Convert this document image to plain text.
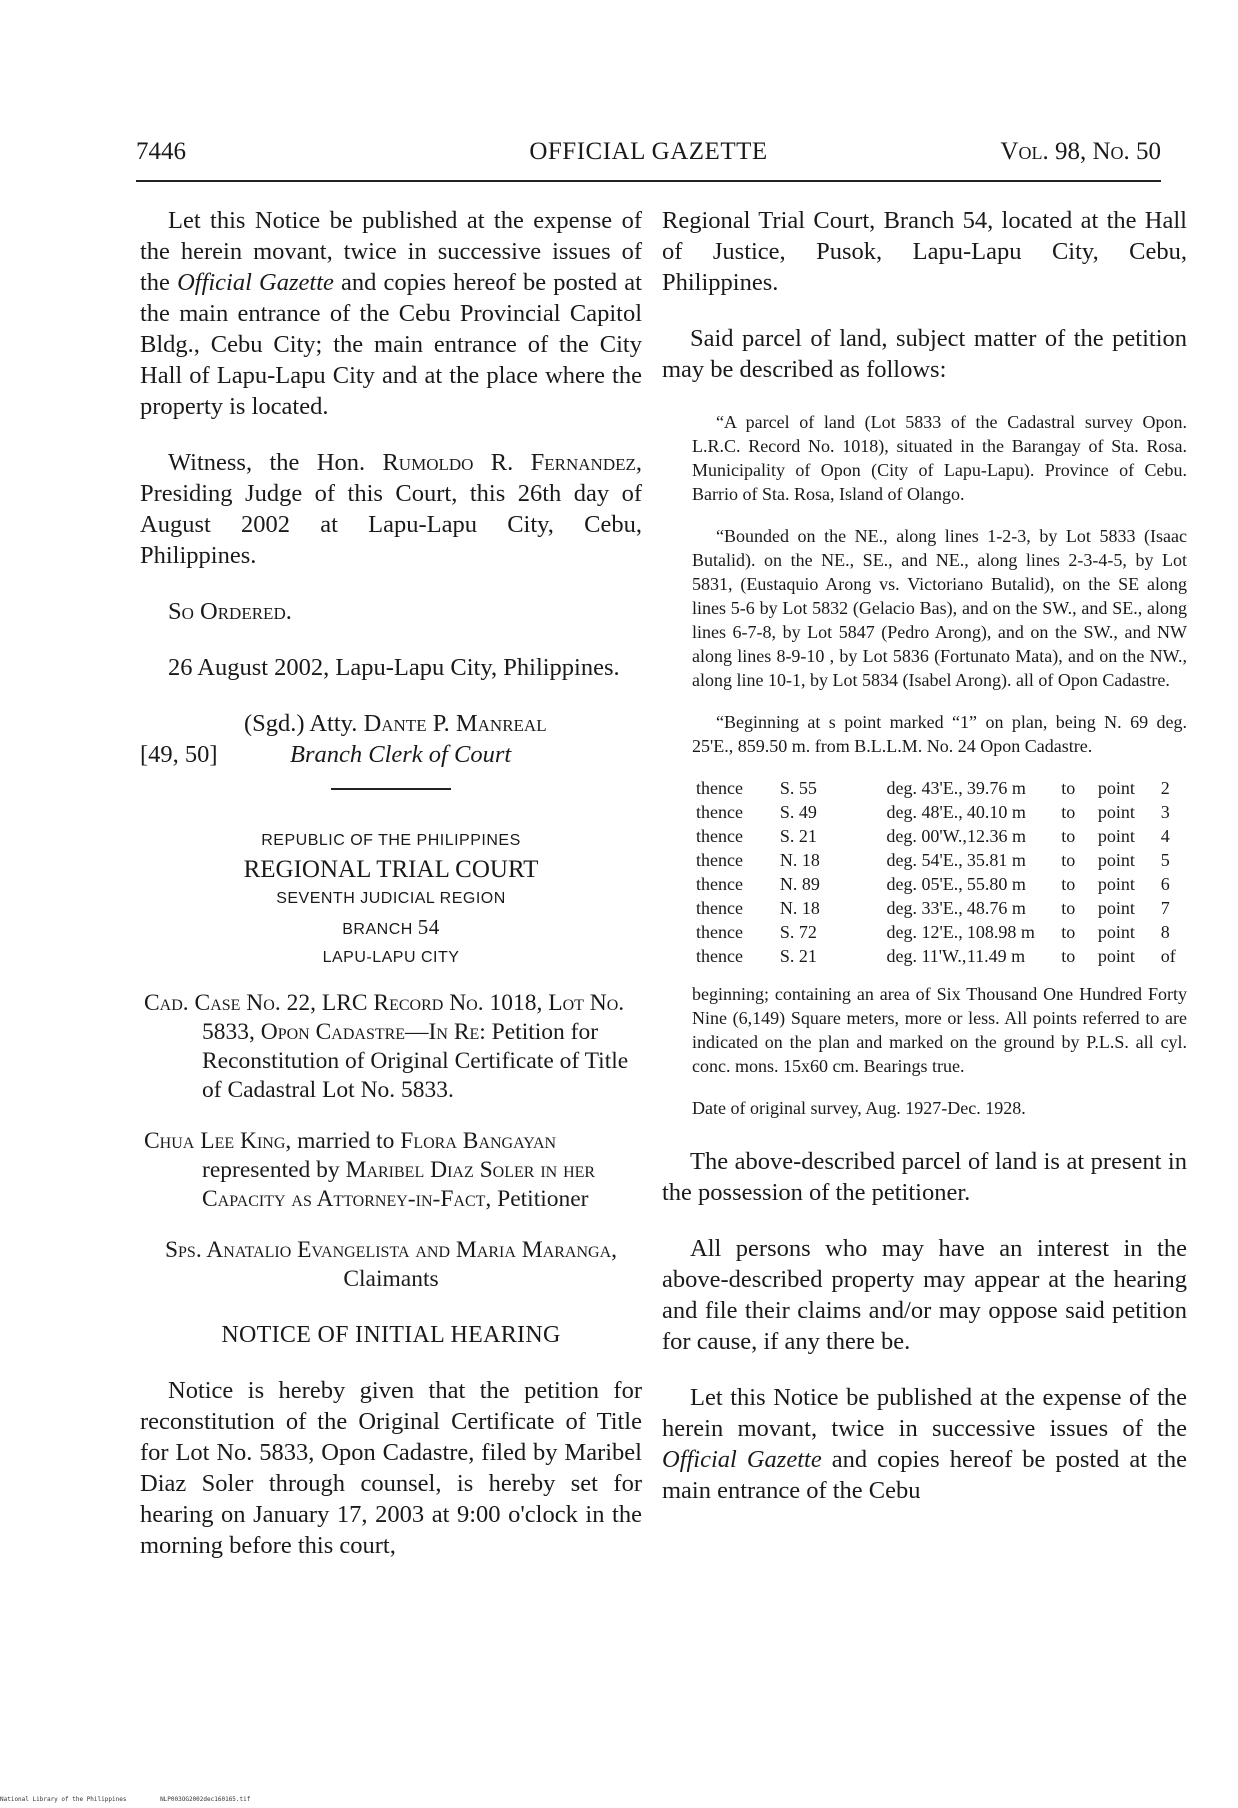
7446	OFFICIAL GAZETTE	Vol. 98, No. 50

Let this Notice be published at the expense of the herein movant, twice in successive issues of the Official Gazette and copies hereof be posted at the main entrance of the Cebu Provincial Capitol Bldg., Cebu City; the main entrance of the City Hall of Lapu-Lapu City and at the place where the property is located.

Witness, the Hon. Rumoldo R. Fernandez, Presiding Judge of this Court, this 26th day of August 2002 at Lapu-Lapu City, Cebu, Philippines.

So Ordered.

26 August 2002, Lapu-Lapu City, Philippines.

(Sgd.) Atty. Dante P. Manreal
[49, 50]	Branch Clerk of Court
REPUBLIC OF THE PHILIPPINES
REGIONAL TRIAL COURT
SEVENTH JUDICIAL REGION
BRANCH 54
LAPU-LAPU CITY
Cad. Case No. 22, LRC Record No. 1018, Lot No. 5833, Opon Cadastre—In Re: Petition for Reconstitution of Original Certificate of Title of Cadastral Lot No. 5833.
Chua Lee King, married to Flora Bangayan represented by Maribel Diaz Soler in her Capacity as Attorney-in-Fact, Petitioner
Sps. Anatalio Evangelista and Maria Maranga, Claimants
NOTICE OF INITIAL HEARING

Notice is hereby given that the petition for reconstitution of the Original Certificate of Title for Lot No. 5833, Opon Cadastre, filed by Maribel Diaz Soler through counsel, is hereby set for hearing on January 17, 2003 at 9:00 o'clock in the morning before this court,

Regional Trial Court, Branch 54, located at the Hall of Justice, Pusok, Lapu-Lapu City, Cebu, Philippines.

Said parcel of land, subject matter of the petition may be described as follows:

“A parcel of land (Lot 5833 of the Cadastral survey Opon. L.R.C. Record No. 1018), situated in the Barangay of Sta. Rosa. Municipality of Opon (City of Lapu-Lapu). Province of Cebu. Barrio of Sta. Rosa, Island of Olango.

“Bounded on the NE., along lines 1-2-3, by Lot 5833 (Isaac Butalid). on the NE., SE., and NE., along lines 2-3-4-5, by Lot 5831, (Eustaquio Arong vs. Victoriano Butalid), on the SE along lines 5-6 by Lot 5832 (Gelacio Bas), and on the SW., and SE., along lines 6-7-8, by Lot 5847 (Pedro Arong), and on the SW., and NW along lines 8-9-10 , by Lot 5836 (Fortunato Mata), and on the NW., along line 10-1, by Lot 5834 (Isabel Arong). all of Opon Cadastre.

“Beginning at s point marked “1” on plan, being N. 69 deg. 25'E., 859.50 m. from B.L.L.M. No. 24 Opon Cadastre.

thence	S. 55	deg. 43'E., 39.76 m	to	point	2
thence	S. 49	deg. 48'E., 40.10 m	to	point	3
thence	S. 21	deg. 00'W., 12.36 m	to	point	4
thence	N. 18	deg. 54'E., 35.81 m	to	point	5
thence	N. 89	deg. 05'E., 55.80 m	to	point	6
thence	N. 18	deg. 33'E., 48.76 m	to	point	7
thence	S. 72	deg. 12'E., 108.98 m	to	point	8
thence	S. 21	deg. 11'W., 11.49 m	to	point	of

beginning; containing an area of Six Thousand One Hundred Forty Nine (6,149) Square meters, more or less. All points referred to are indicated on the plan and marked on the ground by P.L.S. all cyl. conc. mons. 15x60 cm. Bearings true.

Date of original survey, Aug. 1927-Dec. 1928.

The above-described parcel of land is at present in the possession of the petitioner.

All persons who may have an interest in the above-described property may appear at the hearing and file their claims and/or may oppose said petition for cause, if any there be.

Let this Notice be published at the expense of the herein movant, twice in successive issues of the Official Gazette and copies hereof be posted at the main entrance of the Cebu

National Library of the Philippines	NLP003OG2002dec160165.tif
